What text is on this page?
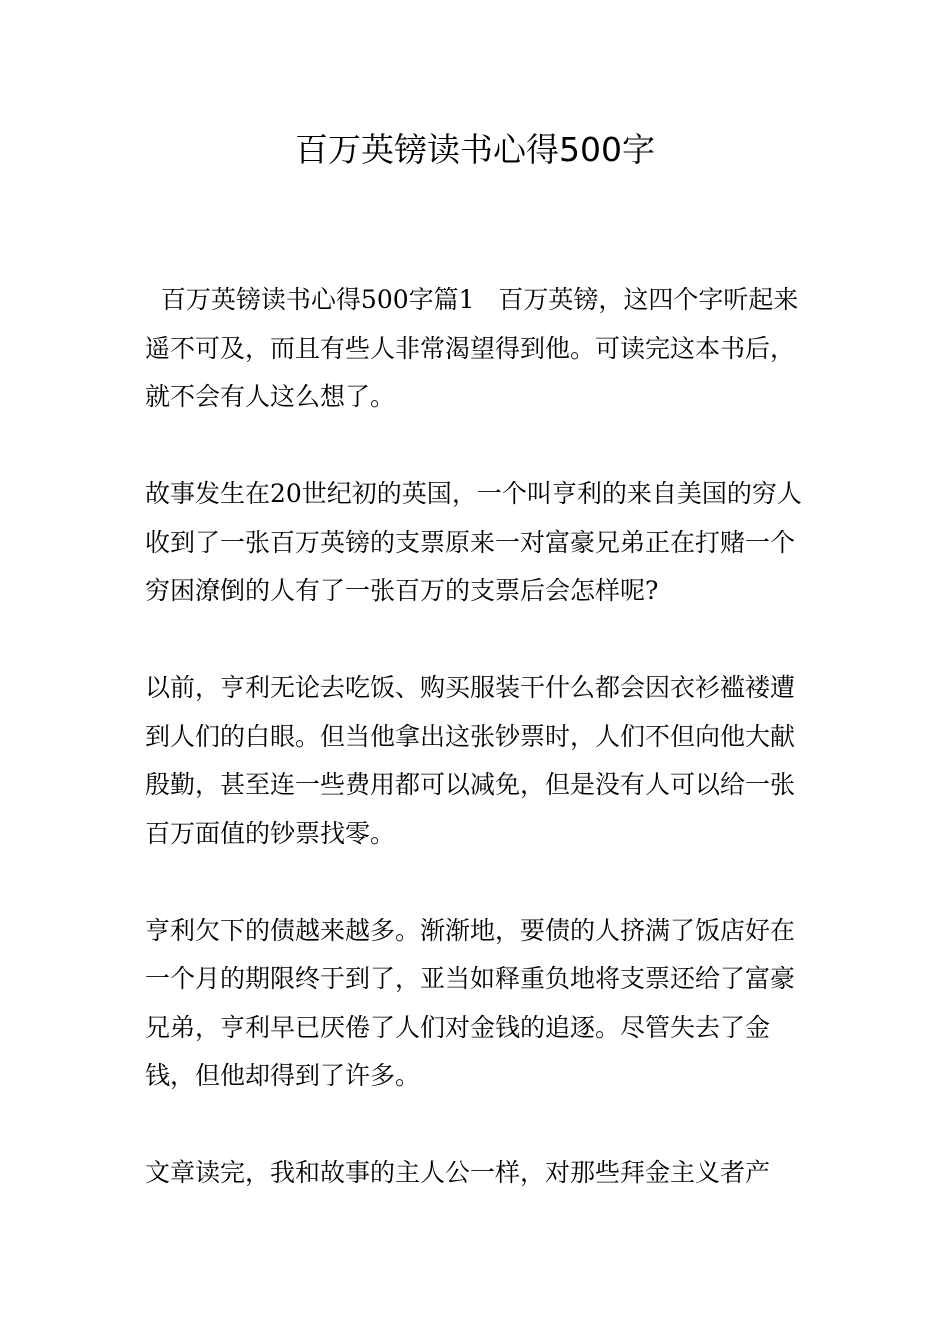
百万英镑读书心得500字

百万英镑读书心得500字篇1   百万英镑，这四个字听起来遥不可及，而且有些人非常渴望得到他。可读完这本书后，就不会有人这么想了。

故事发生在20世纪初的英国，一个叫亨利的来自美国的穷人收到了一张百万英镑的支票原来一对富豪兄弟正在打赌一个穷困潦倒的人有了一张百万的支票后会怎样呢?

以前，亨利无论去吃饭、购买服装干什么都会因衣衫褴褛遭到人们的白眼。但当他拿出这张钞票时，人们不但向他大献殷勤，甚至连一些费用都可以减免，但是没有人可以给一张百万面值的钞票找零。

亨利欠下的债越来越多。渐渐地，要债的人挤满了饭店好在一个月的期限终于到了，亚当如释重负地将支票还给了富豪兄弟，亨利早已厌倦了人们对金钱的追逐。尽管失去了金钱，但他却得到了许多。

文章读完，我和故事的主人公一样，对那些拜金主义者产
